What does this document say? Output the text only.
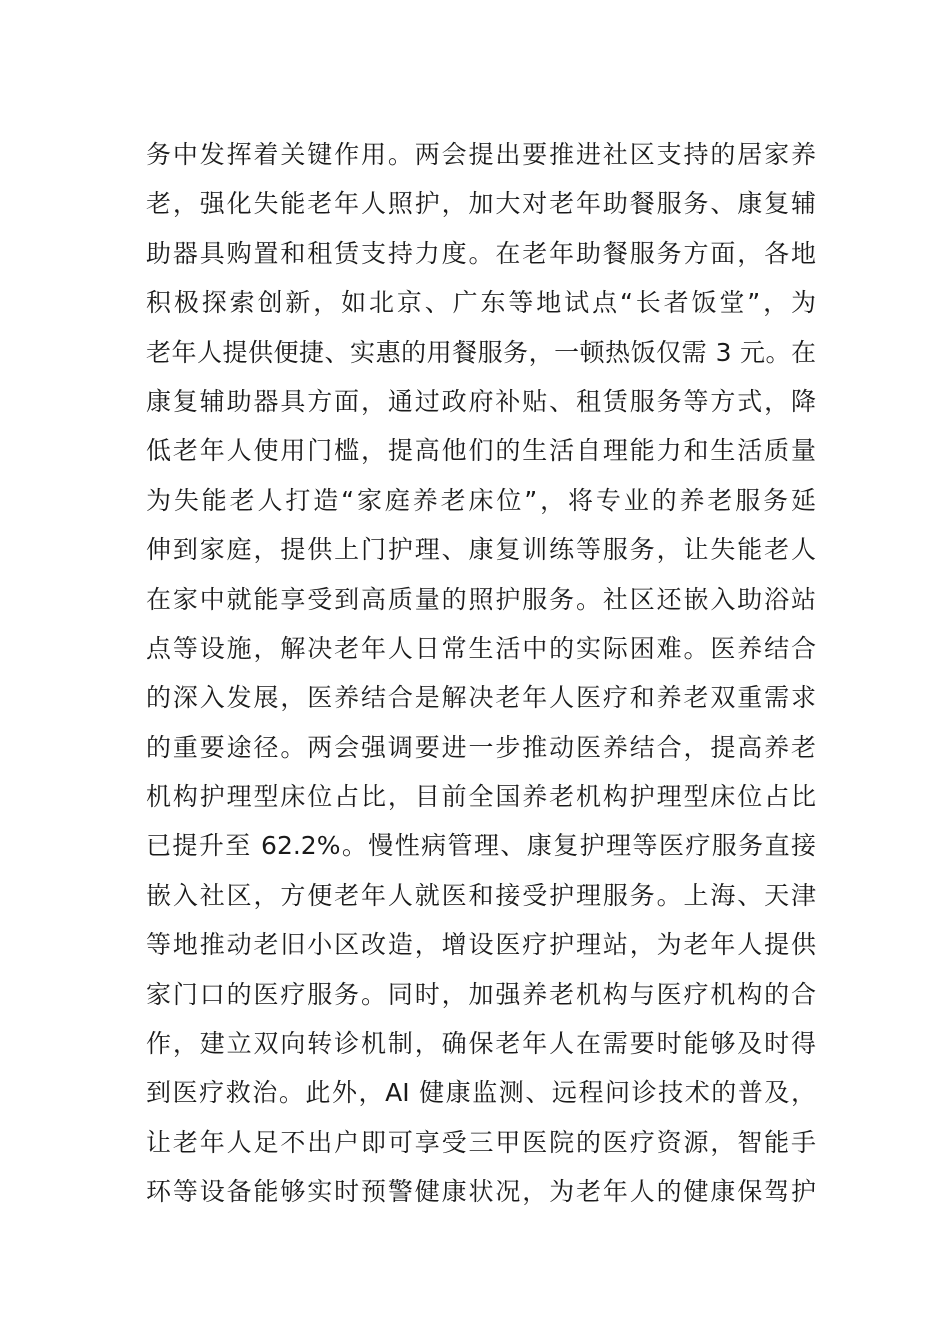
务中发挥着关键作用。两会提出要推进社区支持的居家养
老，强化失能老年人照护，加大对老年助餐服务、康复辅
助器具购置和租赁支持力度。在老年助餐服务方面，各地
积极探索创新，如北京、广东等地试点“长者饭堂”，为
老年人提供便捷、实惠的用餐服务，一顿热饭仅需 3 元。在
康复辅助器具方面，通过政府补贴、租赁服务等方式，降
低老年人使用门槛，提高他们的生活自理能力和生活质量
为失能老人打造“家庭养老床位”，将专业的养老服务延
伸到家庭，提供上门护理、康复训练等服务，让失能老人
在家中就能享受到高质量的照护服务。社区还嵌入助浴站
点等设施，解决老年人日常生活中的实际困难。医养结合
的深入发展，医养结合是解决老年人医疗和养老双重需求
的重要途径。两会强调要进一步推动医养结合，提高养老
机构护理型床位占比，目前全国养老机构护理型床位占比
已提升至 62.2%。慢性病管理、康复护理等医疗服务直接
嵌入社区，方便老年人就医和接受护理服务。上海、天津
等地推动老旧小区改造，增设医疗护理站，为老年人提供
家门口的医疗服务。同时，加强养老机构与医疗机构的合
作，建立双向转诊机制，确保老年人在需要时能够及时得
到医疗救治。此外，AI 健康监测、远程问诊技术的普及，
让老年人足不出户即可享受三甲医院的医疗资源，智能手
环等设备能够实时预警健康状况，为老年人的健康保驾护
